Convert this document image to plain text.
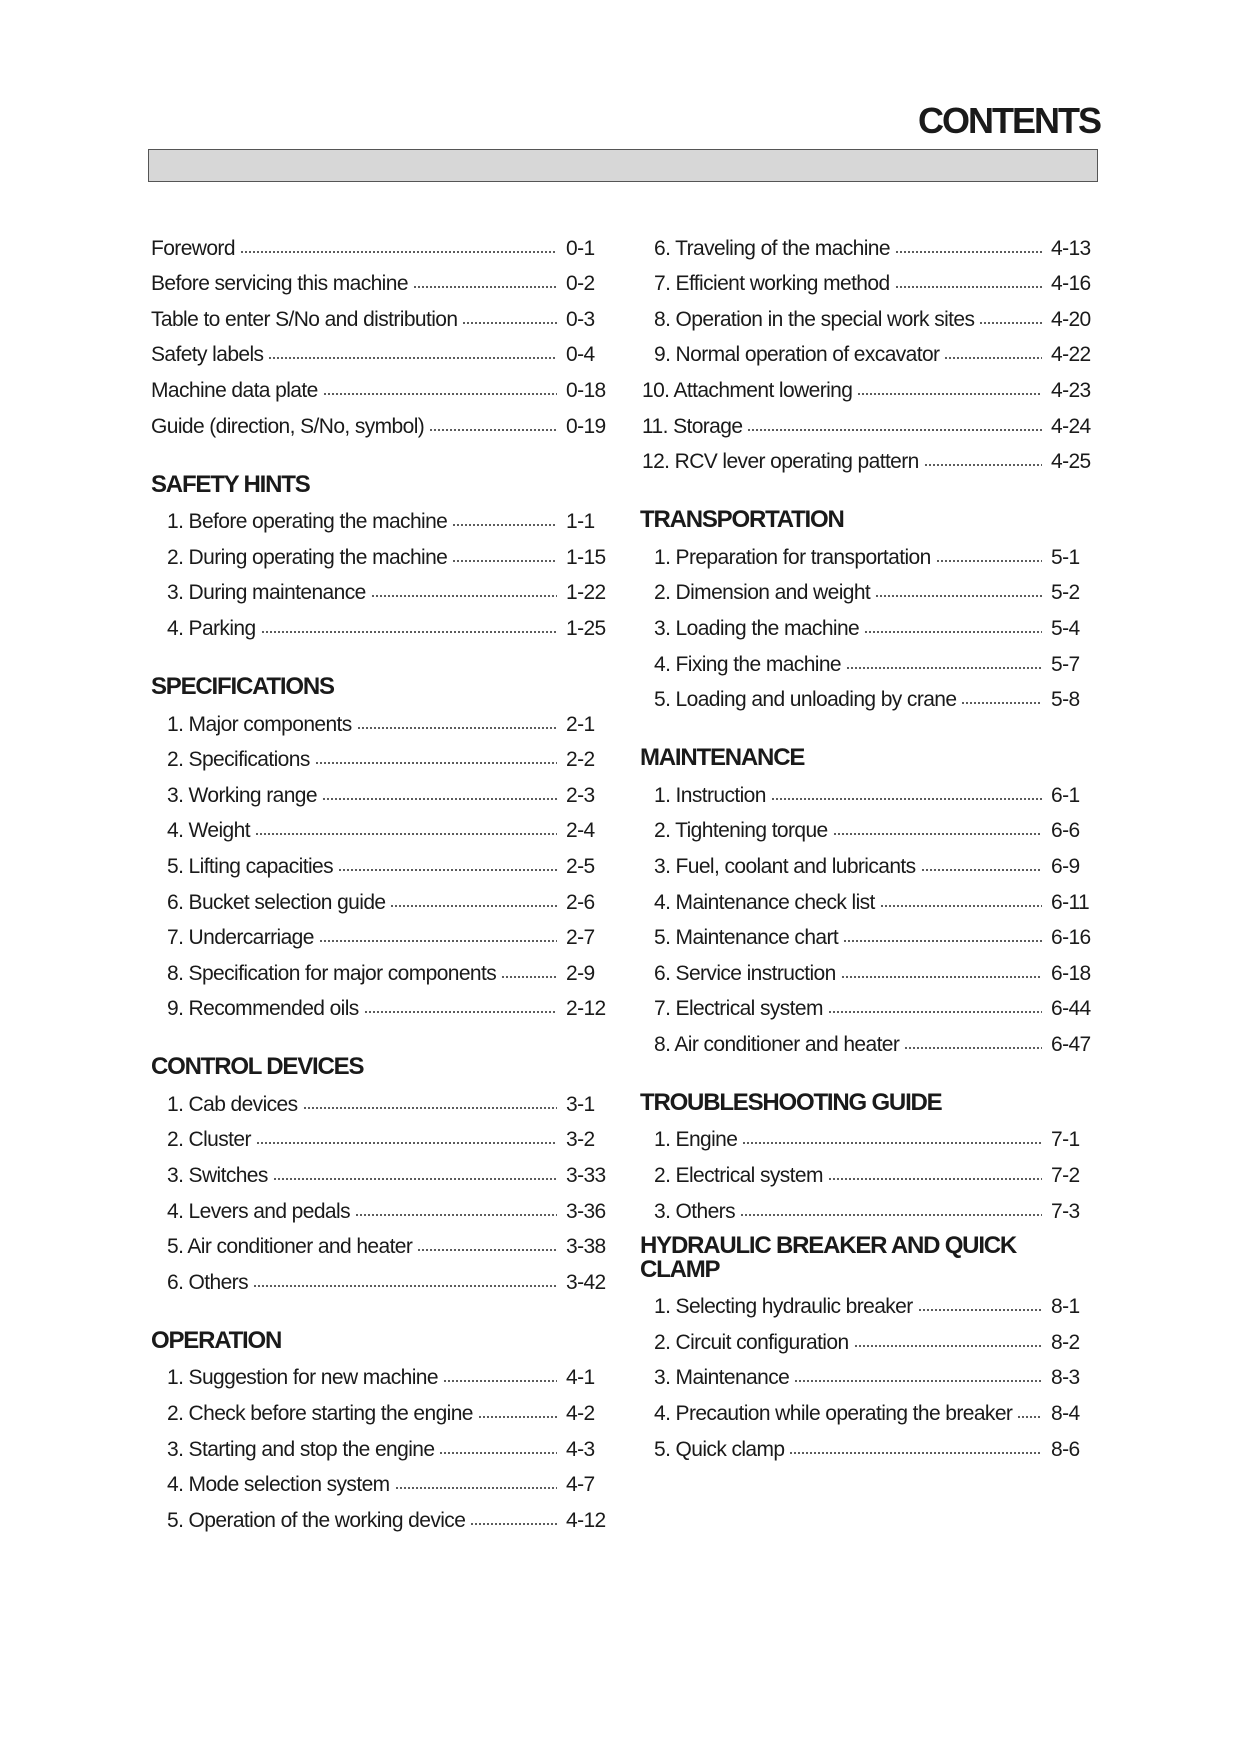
CONTENTS
Foreword	0-1
Before servicing this machine	0-2
Table to enter S/No and distribution	0-3
Safety labels	0-4
Machine data plate	0-18
Guide (direction, S/No, symbol)	0-19
SAFETY HINTS
1. Before operating the machine	1-1
2. During operating the machine	1-15
3. During maintenance	1-22
4. Parking	1-25
SPECIFICATIONS
1. Major components	2-1
2. Specifications	2-2
3. Working range	2-3
4. Weight	2-4
5. Lifting capacities	2-5
6. Bucket selection guide	2-6
7. Undercarriage	2-7
8. Specification for major components	2-9
9. Recommended oils	2-12
CONTROL DEVICES
1. Cab devices	3-1
2. Cluster	3-2
3. Switches	3-33
4. Levers and pedals	3-36
5. Air conditioner and heater	3-38
6. Others	3-42
OPERATION
1. Suggestion for new machine	4-1
2. Check before starting the engine	4-2
3. Starting and stop the engine	4-3
4. Mode selection system	4-7
5. Operation of the working device	4-12
6. Traveling of the machine	4-13
7. Efficient working method	4-16
8. Operation in the special work sites	4-20
9. Normal operation of excavator	4-22
10. Attachment lowering	4-23
11. Storage	4-24
12. RCV lever operating pattern	4-25
TRANSPORTATION
1. Preparation for transportation	5-1
2. Dimension and weight	5-2
3. Loading the machine	5-4
4. Fixing the machine	5-7
5. Loading and unloading by crane	5-8
MAINTENANCE
1. Instruction	6-1
2. Tightening torque	6-6
3. Fuel, coolant and lubricants	6-9
4. Maintenance check list	6-11
5. Maintenance chart	6-16
6. Service instruction	6-18
7. Electrical system	6-44
8. Air conditioner and heater	6-47
TROUBLESHOOTING GUIDE
1. Engine	7-1
2. Electrical system	7-2
3. Others	7-3
HYDRAULIC BREAKER AND QUICK CLAMP
1. Selecting hydraulic breaker	8-1
2. Circuit configuration	8-2
3. Maintenance	8-3
4. Precaution while operating the breaker 8-4
5. Quick clamp	8-6
